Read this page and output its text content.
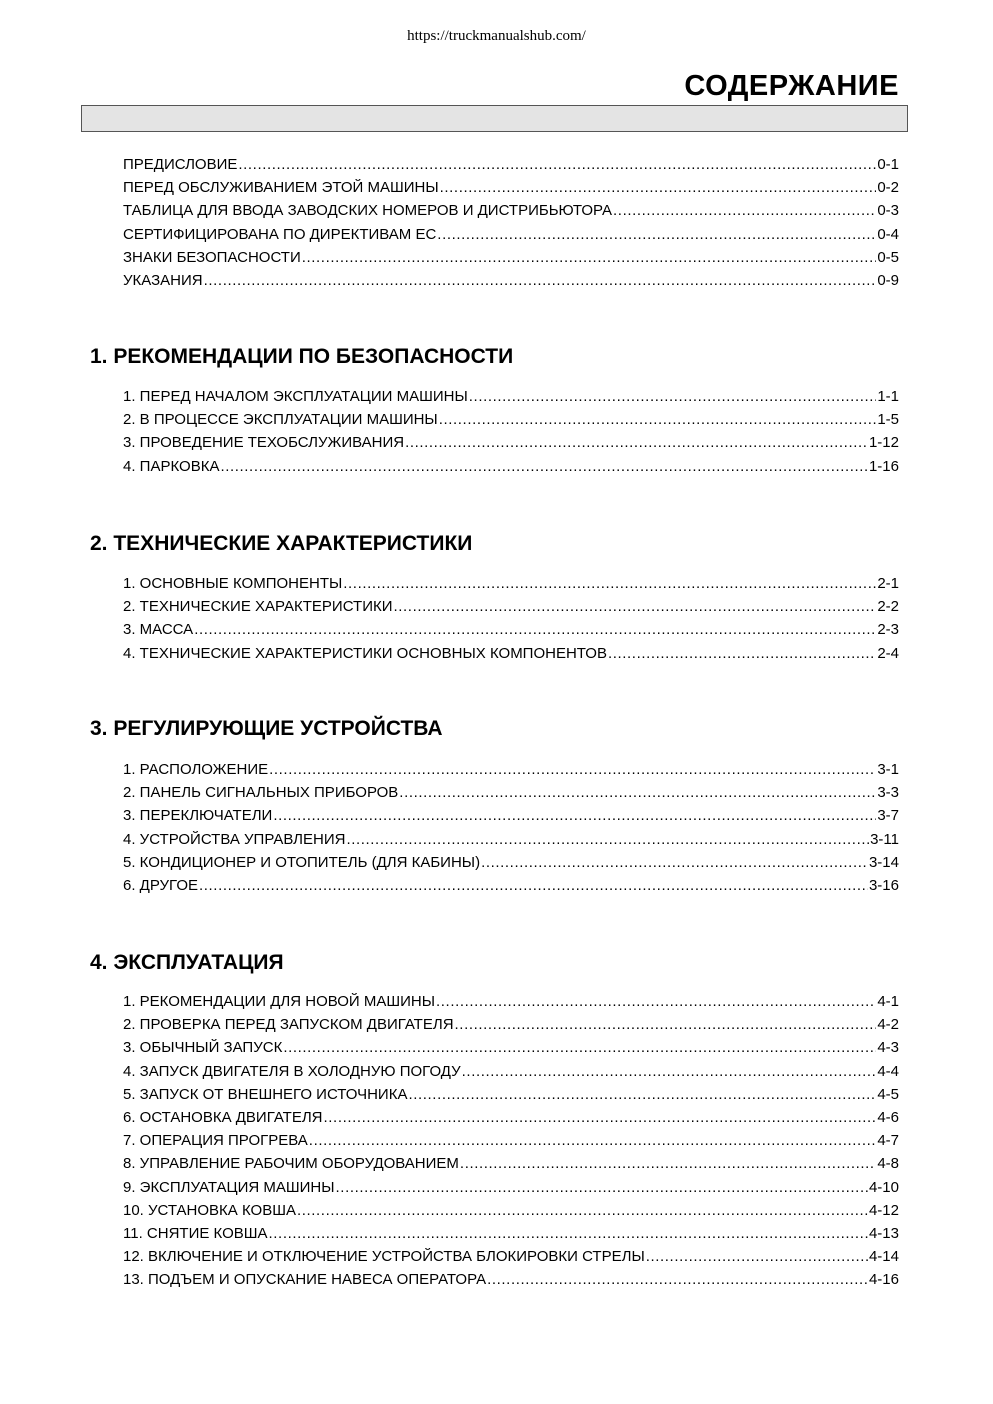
https://truckmanualshub.com/
СОДЕРЖАНИЕ
ПРЕДИСЛОВИЕ .....	0-1
ПЕРЕД ОБСЛУЖИВАНИЕМ ЭТОЙ МАШИНЫ .....	0-2
ТАБЛИЦА ДЛЯ ВВОДА ЗАВОДСКИХ НОМЕРОВ И ДИСТРИБЬЮТОРА .....	0-3
СЕРТИФИЦИРОВАНА ПО ДИРЕКТИВАМ ЕС .....	0-4
ЗНАКИ БЕЗОПАСНОСТИ .....	0-5
УКАЗАНИЯ .....	0-9
1. РЕКОМЕНДАЦИИ ПО БЕЗОПАСНОСТИ
1. ПЕРЕД НАЧАЛОМ ЭКСПЛУАТАЦИИ МАШИНЫ .....	1-1
2. В ПРОЦЕССЕ ЭКСПЛУАТАЦИИ МАШИНЫ .....	1-5
3. ПРОВЕДЕНИЕ ТЕХОБСЛУЖИВАНИЯ .....	1-12
4. ПАРКОВКА .....	1-16
2. ТЕХНИЧЕСКИЕ ХАРАКТЕРИСТИКИ
1. ОСНОВНЫЕ КОМПОНЕНТЫ .....	2-1
2. ТЕХНИЧЕСКИЕ ХАРАКТЕРИСТИКИ .....	2-2
3. МАССА .....	2-3
4. ТЕХНИЧЕСКИЕ ХАРАКТЕРИСТИКИ ОСНОВНЫХ КОМПОНЕНТОВ .....	2-4
3. РЕГУЛИРУЮЩИЕ УСТРОЙСТВА
1. РАСПОЛОЖЕНИЕ .....	3-1
2. ПАНЕЛЬ СИГНАЛЬНЫХ ПРИБОРОВ .....	3-3
3. ПЕРЕКЛЮЧАТЕЛИ .....	3-7
4. УСТРОЙСТВА УПРАВЛЕНИЯ .....	3-11
5. КОНДИЦИОНЕР И ОТОПИТЕЛЬ (ДЛЯ КАБИНЫ) .....	3-14
6. ДРУГОЕ .....	3-16
4. ЭКСПЛУАТАЦИЯ
1. РЕКОМЕНДАЦИИ ДЛЯ НОВОЙ МАШИНЫ .....	4-1
2. ПРОВЕРКА ПЕРЕД ЗАПУСКОМ ДВИГАТЕЛЯ .....	4-2
3. ОБЫЧНЫЙ ЗАПУСК .....	4-3
4. ЗАПУСК ДВИГАТЕЛЯ В ХОЛОДНУЮ ПОГОДУ .....	4-4
5. ЗАПУСК ОТ ВНЕШНЕГО ИСТОЧНИКА .....	4-5
6. ОСТАНОВКА ДВИГАТЕЛЯ .....	4-6
7. ОПЕРАЦИЯ ПРОГРЕВА .....	4-7
8. УПРАВЛЕНИЕ РАБОЧИМ ОБОРУДОВАНИЕМ .....	4-8
9. ЭКСПЛУАТАЦИЯ МАШИНЫ .....	4-10
10. УСТАНОВКА КОВША .....	4-12
11. СНЯТИЕ КОВША .....	4-13
12. ВКЛЮЧЕНИЕ И ОТКЛЮЧЕНИЕ УСТРОЙСТВА БЛОКИРОВКИ СТРЕЛЫ .....	4-14
13. ПОДЪЕМ И ОПУСКАНИЕ НАВЕСА ОПЕРАТОРА .....	4-16
